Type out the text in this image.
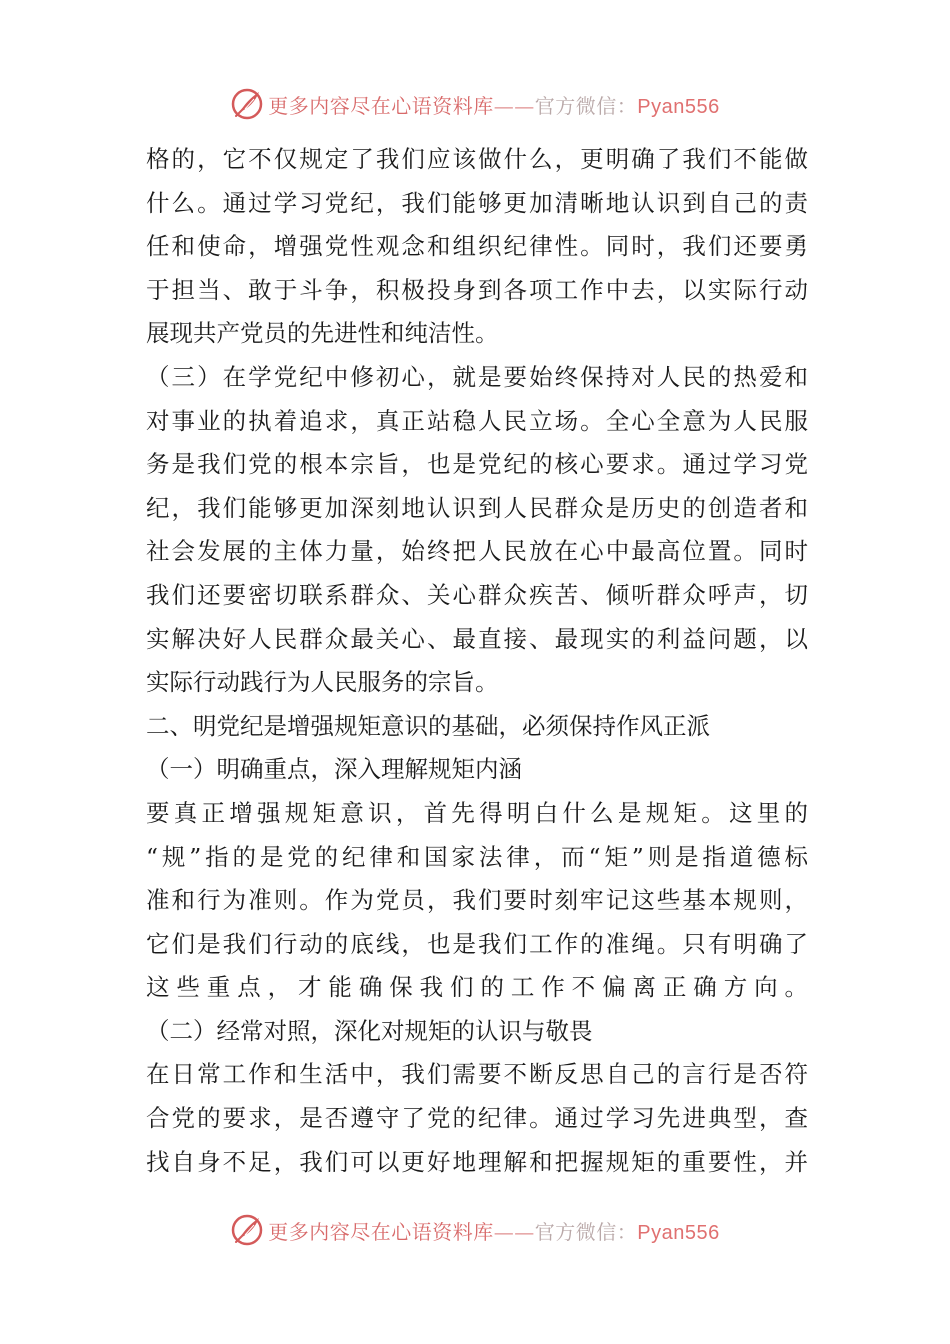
更多内容尽在心语资料库——官方微信：Pyan556
格的，它不仅规定了我们应该做什么，更明确了我们不能做
什么。通过学习党纪，我们能够更加清晰地认识到自己的责
任和使命，增强党性观念和组织纪律性。同时，我们还要勇
于担当、敢于斗争，积极投身到各项工作中去，以实际行动
展现共产党员的先进性和纯洁性。
（三）在学党纪中修初心，就是要始终保持对人民的热爱和
对事业的执着追求，真正站稳人民立场。全心全意为人民服
务是我们党的根本宗旨，也是党纪的核心要求。通过学习党
纪，我们能够更加深刻地认识到人民群众是历史的创造者和
社会发展的主体力量，始终把人民放在心中最高位置。同时
我们还要密切联系群众、关心群众疾苦、倾听群众呼声，切
实解决好人民群众最关心、最直接、最现实的利益问题，以
实际行动践行为人民服务的宗旨。
二、明党纪是增强规矩意识的基础，必须保持作风正派
（一）明确重点，深入理解规矩内涵
要真正增强规矩意识，首先得明白什么是规矩。这里的
“规”指的是党的纪律和国家法律，而“矩”则是指道德标
准和行为准则。作为党员，我们要时刻牢记这些基本规则，
它们是我们行动的底线，也是我们工作的准绳。只有明确了
这些重点，才能确保我们的工作不偏离正确方向。
（二）经常对照，深化对规矩的认识与敬畏
在日常工作和生活中，我们需要不断反思自己的言行是否符
合党的要求，是否遵守了党的纪律。通过学习先进典型，查
找自身不足，我们可以更好地理解和把握规矩的重要性，并
更多内容尽在心语资料库——官方微信：Pyan556
